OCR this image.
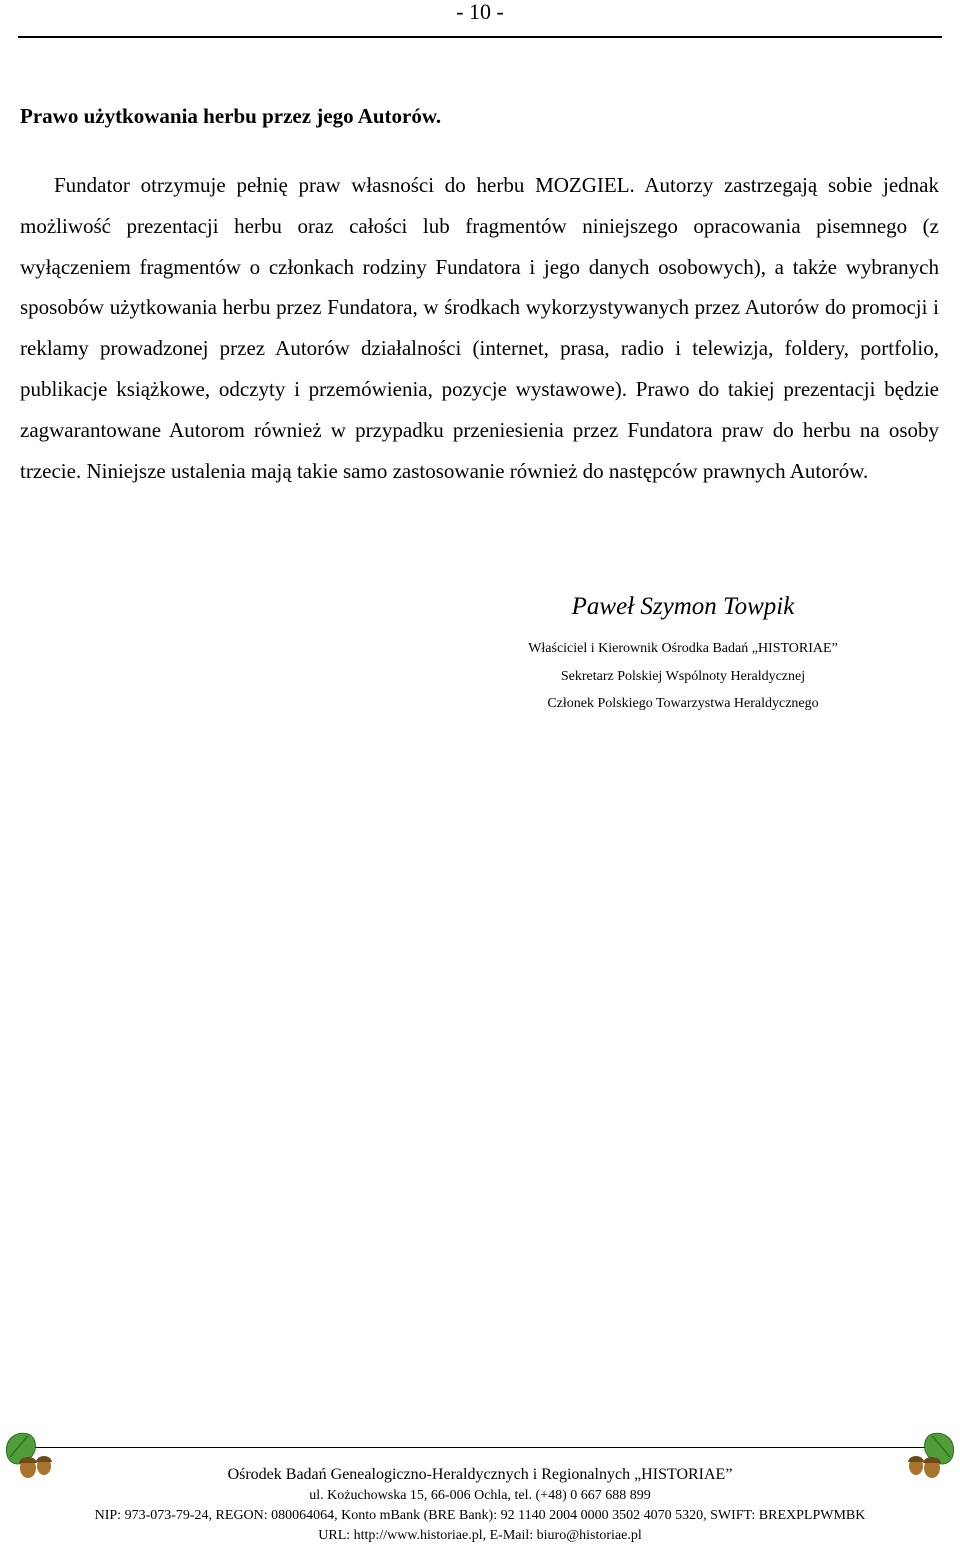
- 10 -
Prawo użytkowania herbu przez jego Autorów.

Fundator otrzymuje pełnię praw własności do herbu MOZGIEL. Autorzy zastrzegają sobie jednak możliwość prezentacji herbu oraz całości lub fragmentów niniejszego opracowania pisemnego (z wyłączeniem fragmentów o członkach rodziny Fundatora i jego danych osobowych), a także wybranych sposobów użytkowania herbu przez Fundatora, w środkach wykorzystywanych przez Autorów do promocji i reklamy prowadzonej przez Autorów działalności (internet, prasa, radio i telewizja, foldery, portfolio, publikacje książkowe, odczyty i przemówienia, pozycje wystawowe). Prawo do takiej prezentacji będzie zagwarantowane Autorom również w przypadku przeniesienia przez Fundatora praw do herbu na osoby trzecie. Niniejsze ustalenia mają takie samo zastosowanie również do następców prawnych Autorów.

Paweł Szymon Towpik

Właściciel i Kierownik Ośrodka Badań „HISTORIAE”

Sekretarz Polskiej Wspólnoty Heraldycznej

Członek Polskiego Towarzystwa Heraldycznego

Ośrodek Badań Genealogiczno-Heraldycznych i Regionalnych „HISTORIAE”
ul. Kożuchowska 15, 66-006 Ochla, tel. (+48) 0 667 688 899
NIP: 973-073-79-24, REGON: 080064064, Konto mBank (BRE Bank): 92 1140 2004 0000 3502 4070 5320, SWIFT: BREXPLPWMBK
URL: http://www.historiae.pl, E-Mail: biuro@historiae.pl
